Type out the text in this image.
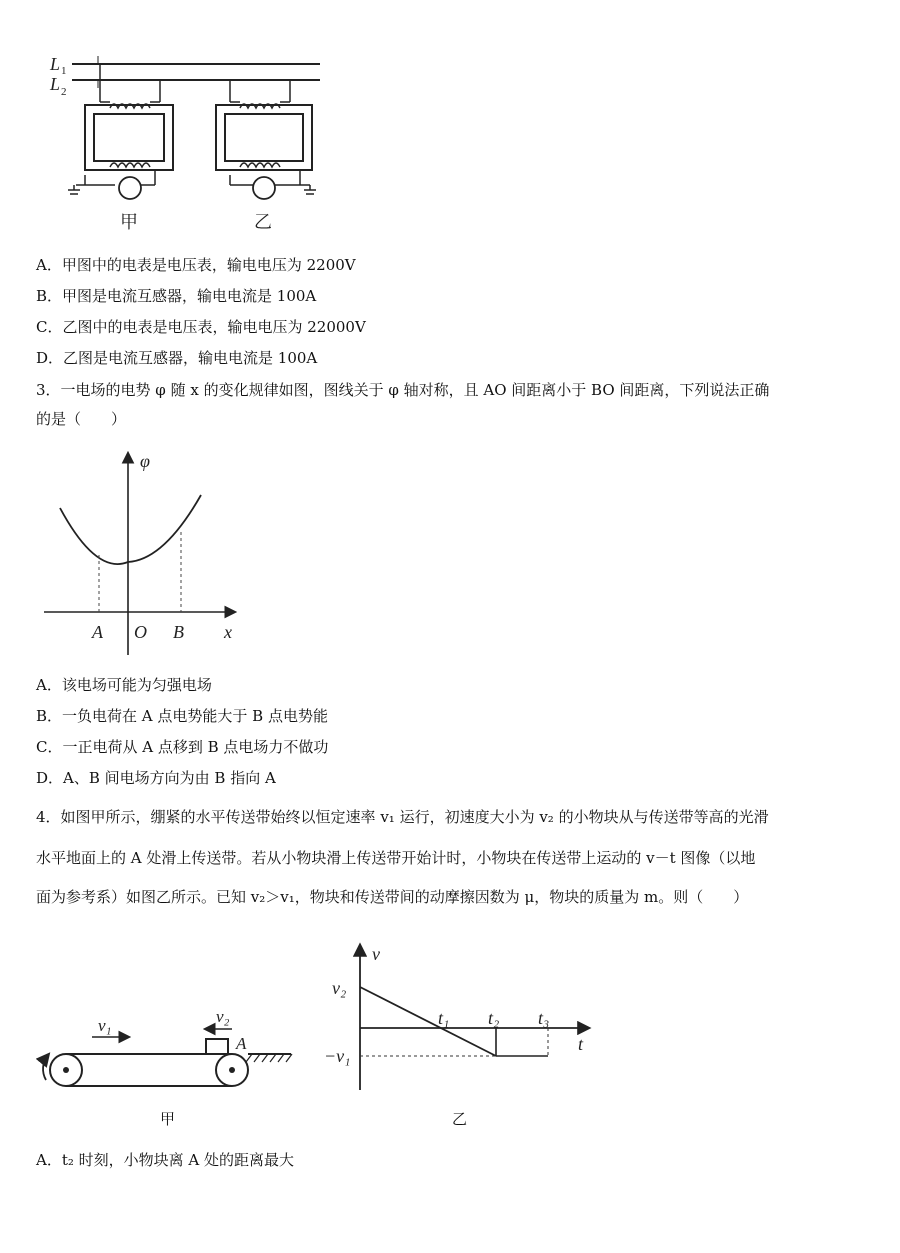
L 1
L 2
甲	乙
A．甲图中的电表是电压表，输电电压为 2200V
B．甲图是电流互感器，输电电流是 100A
C．乙图中的电表是电压表，输电电压为 22000V
D．乙图是电流互感器，输电电流是 100A
3．一电场的电势 φ 随 x 的变化规律如图，图线关于 φ 轴对称，且 AO 间距离小于 BO 间距离，下列说法正确
的是（　　）
φ
x
A O B
A．该电场可能为匀强电场
B．一负电荷在 A 点电势能大于 B 点电势能
C．一正电荷从 A 点移到 B 点电场力不做功
D．A、B 间电场方向为由 B 指向 A
4．如图甲所示，绷紧的水平传送带始终以恒定速率 v₁ 运行，初速度大小为 v₂ 的小物块从与传送带等高的光滑
水平地面上的 A 处滑上传送带。若从小物块滑上传送带开始计时，小物块在传送带上运动的 v－t 图像（以地
面为参考系）如图乙所示。已知 v₂＞v₁，物块和传送带间的动摩擦因数为 μ，物块的质量为 m。则（　　）
v₁	v₂
A
甲
v
t
v₂
−v₁
t₁ t₂ t₃
乙
A．t₂ 时刻，小物块离 A 处的距离最大
